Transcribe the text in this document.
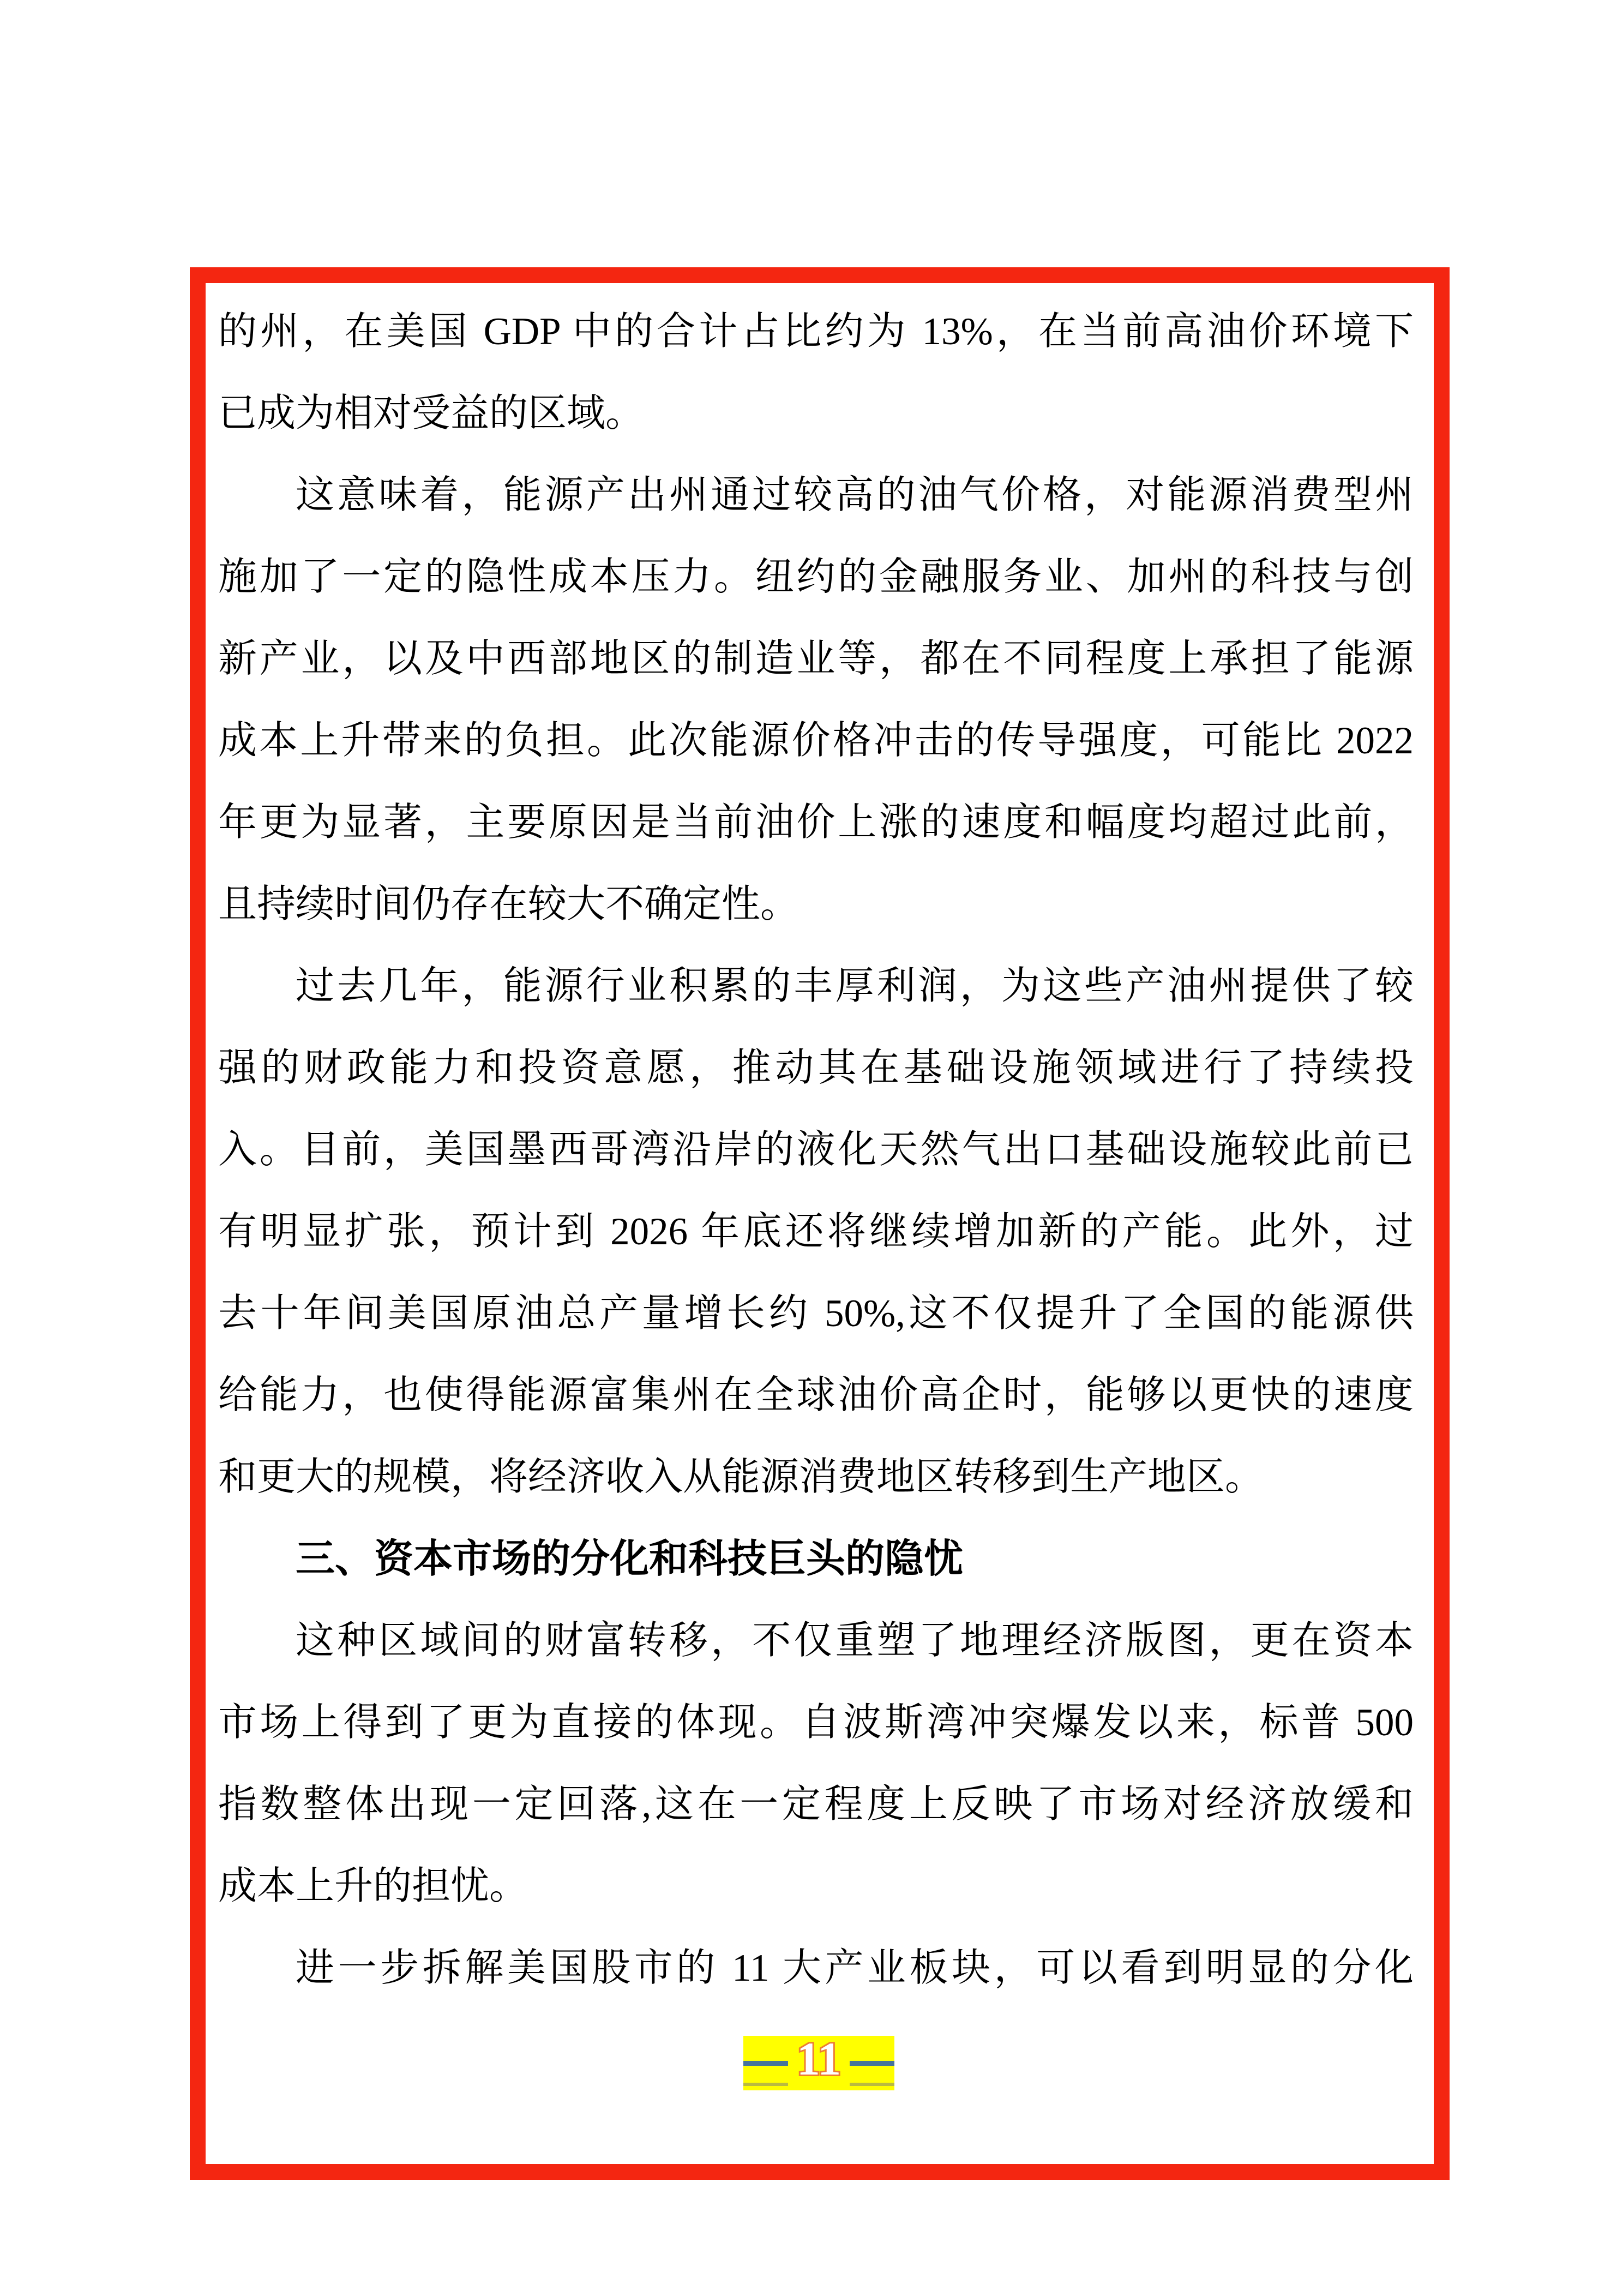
的州，在美国 GDP 中的合计占比约为 13%，在当前高油价环境下
已成为相对受益的区域。
这意味着，能源产出州通过较高的油气价格，对能源消费型州
施加了一定的隐性成本压力。纽约的金融服务业、加州的科技与创
新产业，以及中西部地区的制造业等，都在不同程度上承担了能源
成本上升带来的负担。此次能源价格冲击的传导强度，可能比 2022
年更为显著，主要原因是当前油价上涨的速度和幅度均超过此前，
且持续时间仍存在较大不确定性。
过去几年，能源行业积累的丰厚利润，为这些产油州提供了较
强的财政能力和投资意愿，推动其在基础设施领域进行了持续投
入。目前，美国墨西哥湾沿岸的液化天然气出口基础设施较此前已
有明显扩张，预计到 2026 年底还将继续增加新的产能。此外，过
去十年间美国原油总产量增长约 50%,这不仅提升了全国的能源供
给能力，也使得能源富集州在全球油价高企时，能够以更快的速度
和更大的规模，将经济收入从能源消费地区转移到生产地区。
三、资本市场的分化和科技巨头的隐忧
这种区域间的财富转移，不仅重塑了地理经济版图，更在资本
市场上得到了更为直接的体现。自波斯湾冲突爆发以来，标普 500
指数整体出现一定回落,这在一定程度上反映了市场对经济放缓和
成本上升的担忧。
进一步拆解美国股市的 11 大产业板块，可以看到明显的分化
11
